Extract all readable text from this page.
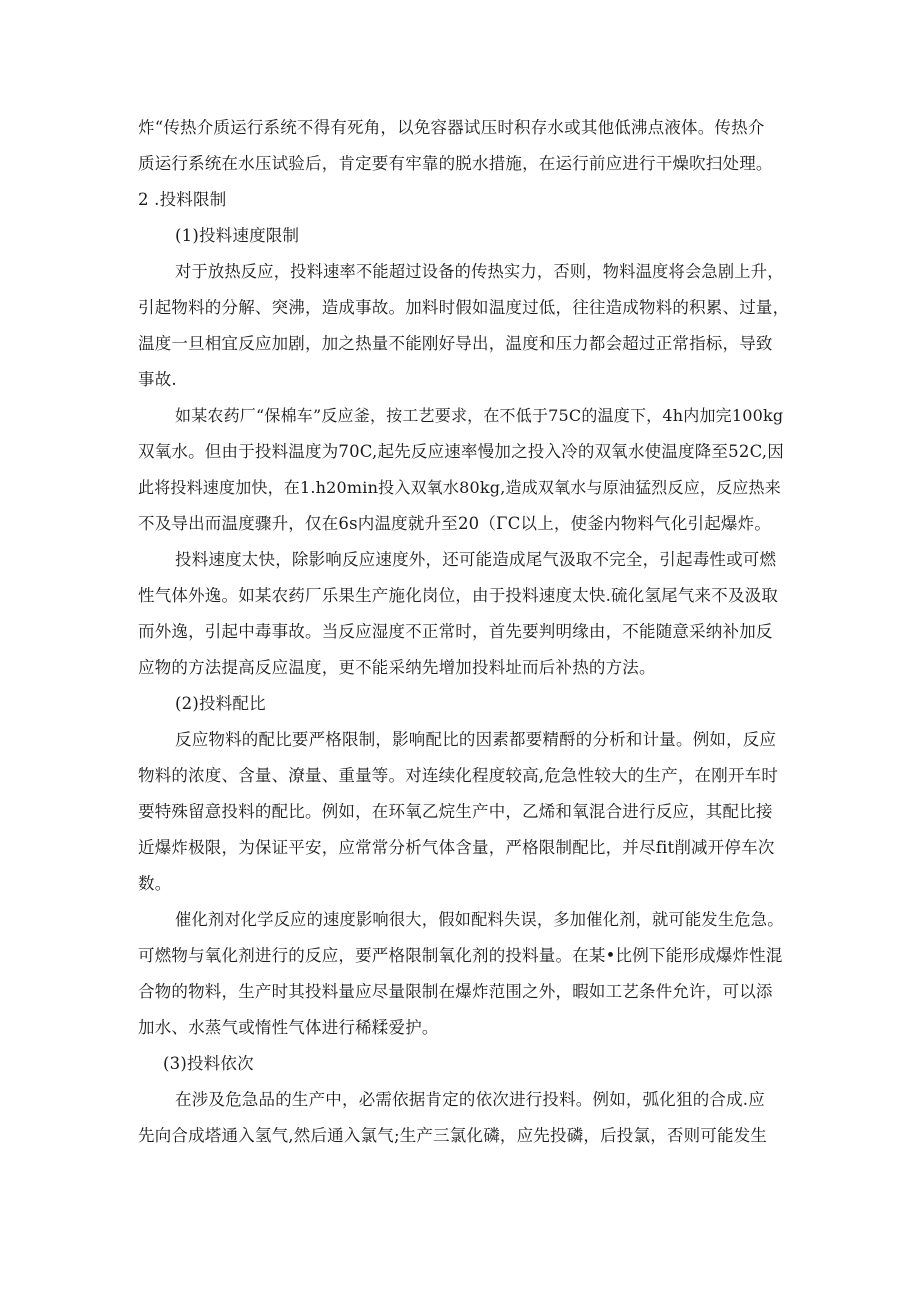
炸“传热介质运行系统不得有死角，以免容器试压时积存水或其他低沸点液体。传热介
质运行系统在水压试验后，肯定要有牢靠的脱水措施，在运行前应进行干燥吹扫处理。
2 .投料限制
(1)投料速度限制
对于放热反应，投料速率不能超过设备的传热实力，否则，物料温度将会急剧上升，
引起物料的分解、突沸，造成事故。加料时假如温度过低，往往造成物料的积累、过量，
温度一旦相宜反应加剧，加之热量不能刚好导出，温度和压力都会超过正常指标，导致
事故.
如某农药厂“保棉车”反应釜，按工艺要求，在不低于75C的温度下，4h内加完100kg
双氧水。但由于投料温度为70C,起先反应速率慢加之投入冷的双氧水使温度降至52C,因
此将投料速度加快，在1.h20min投入双氧水80kg,造成双氧水与原油猛烈反应，反应热来
不及导出而温度骤升，仅在6s内温度就升至20（ΓC以上，使釜内物料气化引起爆炸。
投料速度太快，除影响反应速度外，还可能造成尾气汲取不完全，引起毒性或可燃
性气体外逸。如某农药厂乐果生产施化岗位，由于投料速度太快.硫化氢尾气来不及汲取
而外逸，引起中毒事故。当反应湿度不正常时，首先要判明缘由，不能随意采纳补加反
应物的方法提高反应温度，更不能采纳先增加投料址而后补热的方法。
(2)投料配比
反应物料的配比要严格限制，影响配比的因素都要精酹的分析和计量。例如，反应
物料的浓度、含量、潦量、重量等。对连续化程度较高,危急性较大的生产，在刚开车时
要特殊留意投料的配比。例如，在环氧乙烷生产中，乙烯和氧混合进行反应，其配比接
近爆炸极限，为保证平安，应常常分析气体含量，严格限制配比，并尽fit削减开停车次
数。
催化剂对化学反应的速度影响很大，假如配料失误，多加催化剂，就可能发生危急。
可燃物与氧化剂进行的反应，要严格限制氧化剂的投料量。在某•比例下能形成爆炸性混
合物的物料，生产时其投料量应尽量限制在爆炸范围之外，暇如工艺条件允许，可以添
加水、水蒸气或惰性气体进行稀糅爱护。
(3)投料依次
在涉及危急品的生产中，必需依据肯定的依次进行投料。例如，弧化狙的合成.应
先向合成塔通入氢气,然后通入氯气;生产三氯化磷，应先投磷，后投氯，否则可能发生
